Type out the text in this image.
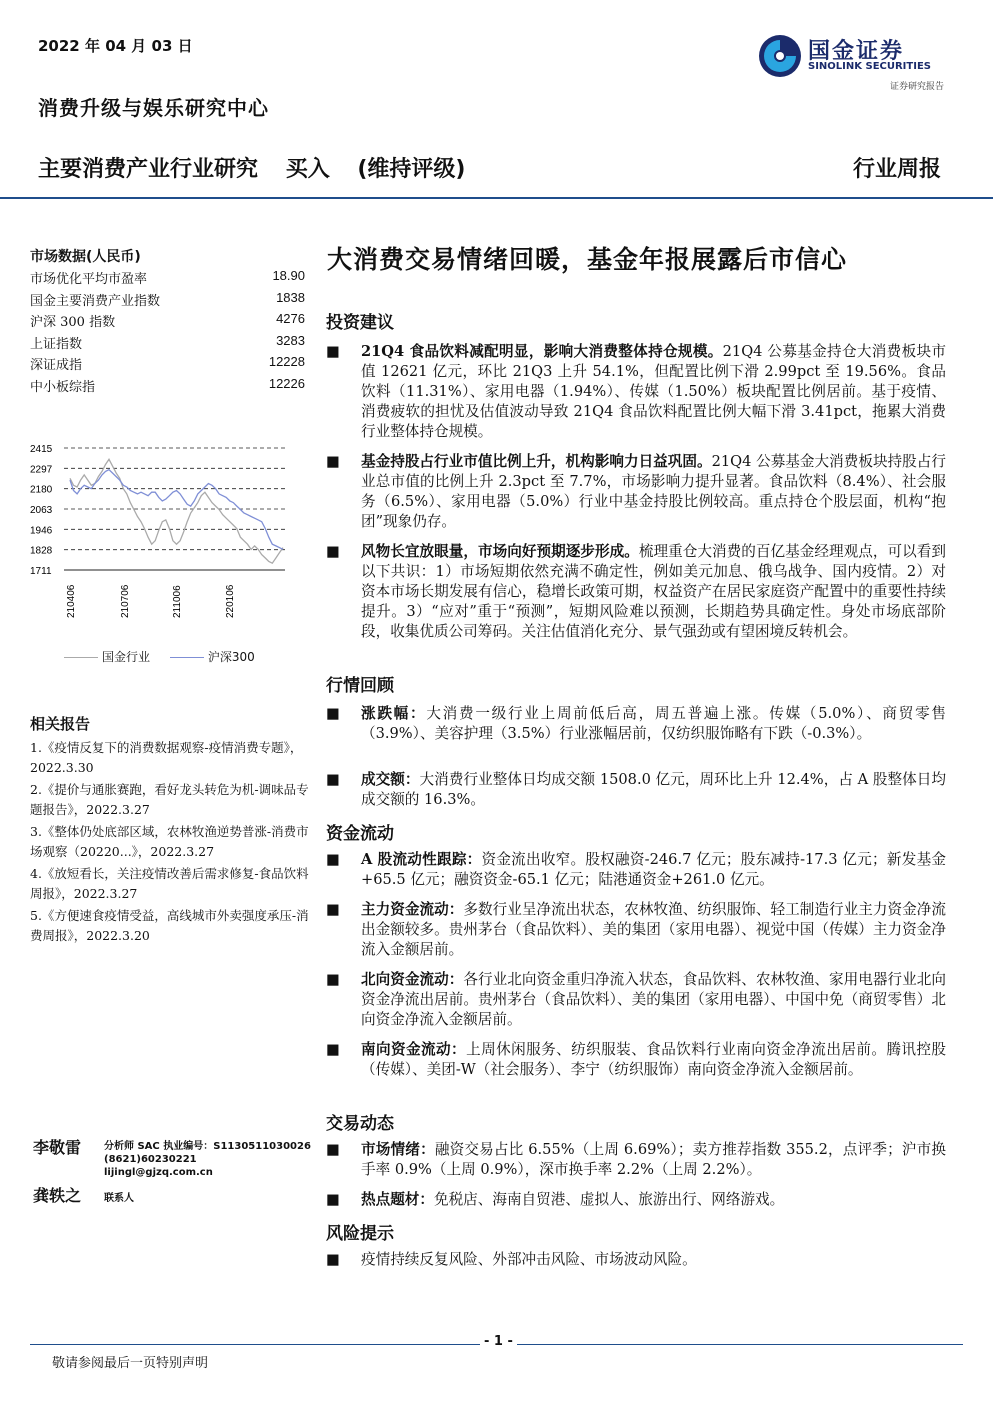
2022 年 04 月 03 日
消费升级与娱乐研究中心
国金证券
SINOLINK SECURITIES
证券研究报告
主要消费产业行业研究 买入 (维持评级)	行业周报
市场数据(人民币)
市场优化平均市盈率	18.90
国金主要消费产业指数	1838
沪深 300 指数	4276
上证指数	3283
深证成指	12228
中小板综指	12226
2415
2297
2180
2063
1946
1828
1711
210406	210706	211006	220106
国金行业	沪深300
相关报告
1.《疫情反复下的消费数据观察-疫情消费专题》，2022.3.30
2.《提价与通胀赛跑，看好龙头转危为机-调味品专题报告》，2022.3.27
3.《整体仍处底部区域，农林牧渔逆势普涨-消费市场观察（20220...》，2022.3.27
4.《放短看长，关注疫情改善后需求修复-食品饮料周报》，2022.3.27
5.《方便速食疫情受益，高线城市外卖强度承压-消费周报》，2022.3.20
李敬雷 分析师 SAC 执业编号：S1130511030026
(8621)60230221
lijingl@gjzq.com.cn
龚轶之 联系人
大消费交易情绪回暖，基金年报展露后市信心
投资建议
■ 21Q4 食品饮料减配明显，影响大消费整体持仓规模。21Q4 公募基金持仓大消费板块市值 12621 亿元，环比 21Q3 上升 54.1%，但配置比例下滑 2.99pct 至 19.56%。食品饮料（11.31%）、家用电器（1.94%）、传媒（1.50%）板块配置比例居前。基于疫情、消费疲软的担忧及估值波动导致 21Q4 食品饮料配置比例大幅下滑 3.41pct，拖累大消费行业整体持仓规模。
■ 基金持股占行业市值比例上升，机构影响力日益巩固。21Q4 公募基金大消费板块持股占行业总市值的比例上升 2.3pct 至 7.7%，市场影响力提升显著。食品饮料（8.4%）、社会服务（6.5%）、家用电器（5.0%）行业中基金持股比例较高。重点持仓个股层面，机构“抱团”现象仍存。
■ 风物长宜放眼量，市场向好预期逐步形成。梳理重仓大消费的百亿基金经理观点，可以看到以下共识：1）市场短期依然充满不确定性，例如美元加息、俄乌战争、国内疫情。2）对资本市场长期发展有信心，稳增长政策可期，权益资产在居民家庭资产配置中的重要性持续提升。3）“应对”重于“预测”，短期风险难以预测，长期趋势具确定性。身处市场底部阶段，收集优质公司筹码。关注估值消化充分、景气强劲或有望困境反转机会。
行情回顾
■ 涨跌幅：大消费一级行业上周前低后高，周五普遍上涨。传媒（5.0%）、商贸零售（3.9%）、美容护理（3.5%）行业涨幅居前，仅纺织服饰略有下跌（-0.3%）。
■ 成交额：大消费行业整体日均成交额 1508.0 亿元，周环比上升 12.4%，占 A 股整体日均成交额的 16.3%。
资金流动
■ A 股流动性跟踪：资金流出收窄。股权融资-246.7 亿元；股东减持-17.3 亿元；新发基金+65.5 亿元；融资资金-65.1 亿元；陆港通资金+261.0 亿元。
■ 主力资金流动：多数行业呈净流出状态，农林牧渔、纺织服饰、轻工制造行业主力资金净流出金额较多。贵州茅台（食品饮料）、美的集团（家用电器）、视觉中国（传媒）主力资金净流入金额居前。
■ 北向资金流动：各行业北向资金重归净流入状态，食品饮料、农林牧渔、家用电器行业北向资金净流出居前。贵州茅台（食品饮料）、美的集团（家用电器）、中国中免（商贸零售）北向资金净流入金额居前。
■ 南向资金流动：上周休闲服务、纺织服装、食品饮料行业南向资金净流出居前。腾讯控股（传媒）、美团-W（社会服务）、李宁（纺织服饰）南向资金净流入金额居前。
交易动态
■ 市场情绪：融资交易占比 6.55%（上周 6.69%）；卖方推荐指数 355.2，点评季；沪市换手率 0.9%（上周 0.9%），深市换手率 2.2%（上周 2.2%）。
■ 热点题材：免税店、海南自贸港、虚拟人、旅游出行、网络游戏。
风险提示
■ 疫情持续反复风险、外部冲击风险、市场波动风险。
- 1 -
敬请参阅最后一页特别声明
